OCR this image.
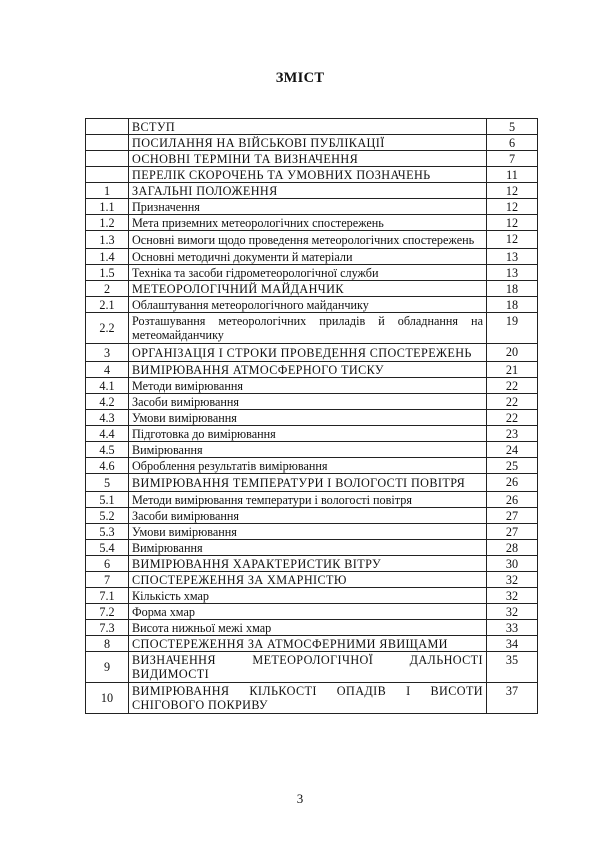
ЗМІСТ
	ВСТУП	5
	ПОСИЛАННЯ НА ВІЙСЬКОВІ ПУБЛІКАЦІЇ	6
	ОСНОВНІ ТЕРМІНИ ТА ВИЗНАЧЕННЯ	7
	ПЕРЕЛІК СКОРОЧЕНЬ ТА УМОВНИХ ПОЗНАЧЕНЬ	11
1	ЗАГАЛЬНІ ПОЛОЖЕННЯ	12
1.1	Призначення	12
1.2	Мета приземних метеорологічних спостережень	12
1.3	Основні вимоги щодо проведення метеорологічних спостережень	12
1.4	Основні методичні документи й матеріали	13
1.5	Техніка та засоби гідрометеорологічної служби	13
2	МЕТЕОРОЛОГІЧНИЙ МАЙДАНЧИК	18
2.1	Облаштування метеорологічного майданчику	18
2.2	Розташування метеорологічних приладів й обладнання на метеомайданчику	19
3	ОРГАНІЗАЦІЯ І СТРОКИ ПРОВЕДЕННЯ СПОСТЕРЕЖЕНЬ	20
4	ВИМІРЮВАННЯ АТМОСФЕРНОГО ТИСКУ	21
4.1	Методи вимірювання	22
4.2	Засоби вимірювання	22
4.3	Умови вимірювання	22
4.4	Підготовка до вимірювання	23
4.5	Вимірювання	24
4.6	Оброблення результатів вимірювання	25
5	ВИМІРЮВАННЯ ТЕМПЕРАТУРИ І ВОЛОГОСТІ ПОВІТРЯ	26
5.1	Методи вимірювання температури і вологості повітря	26
5.2	Засоби вимірювання	27
5.3	Умови вимірювання	27
5.4	Вимірювання	28
6	ВИМІРЮВАННЯ ХАРАКТЕРИСТИК ВІТРУ	30
7	СПОСТЕРЕЖЕННЯ ЗА ХМАРНІСТЮ	32
7.1	Кількість хмар	32
7.2	Форма хмар	32
7.3	Висота нижньої межі хмар	33
8	СПОСТЕРЕЖЕННЯ ЗА АТМОСФЕРНИМИ ЯВИЩАМИ	34
9	ВИЗНАЧЕННЯ МЕТЕОРОЛОГІЧНОЇ ДАЛЬНОСТІ ВИДИМОСТІ	35
10	ВИМІРЮВАННЯ КІЛЬКОСТІ ОПАДІВ І ВИСОТИ СНІГОВОГО ПОКРИВУ	37
3
